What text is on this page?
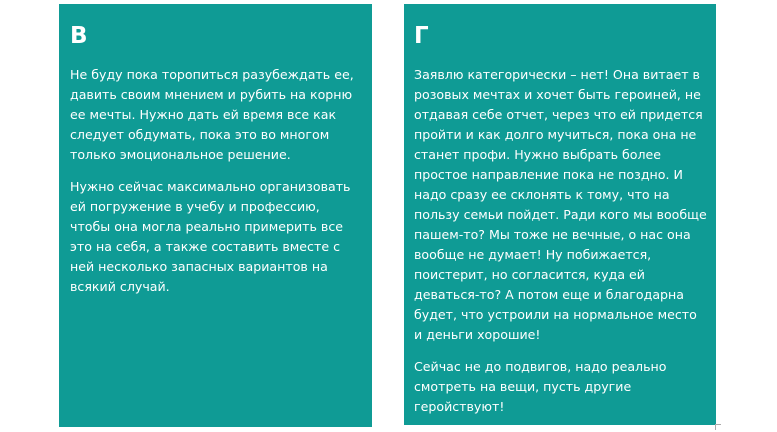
В

Не буду пока торопиться разубеждать ее, давить своим мнением и рубить на корню ее мечты. Нужно дать ей время все как следует обдумать, пока это во многом только эмоциональное решение.

Нужно сейчас максимально организовать ей погружение в учебу и профессию, чтобы она могла реально примерить все это на себя, а также составить вместе с ней несколько запасных вариантов на всякий случай.

Г

Заявлю категорически – нет! Она витает в розовых мечтах и хочет быть героиней, не отдавая себе отчет, через что ей придется пройти и как долго мучиться, пока она не станет профи. Нужно выбрать более простое направление пока не поздно. И надо сразу ее склонять к тому, что на пользу семьи пойдет. Ради кого мы вообще пашем-то? Мы тоже не вечные, о нас она вообще не думает! Ну побижается, поистерит, но согласится, куда ей деваться-то? А потом еще и благодарна будет, что устроили на нормальное место и деньги хорошие!

Сейчас не до подвигов, надо реально смотреть на вещи, пусть другие геройствуют!
